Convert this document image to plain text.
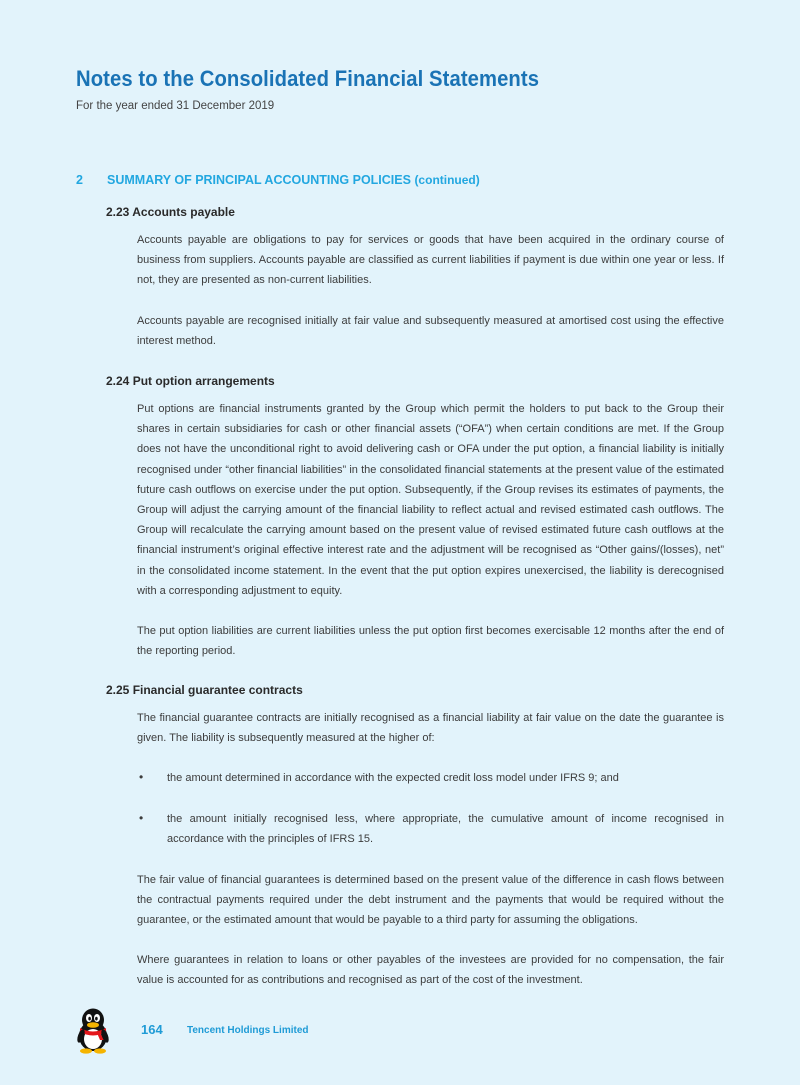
Notes to the Consolidated Financial Statements
For the year ended 31 December 2019
2 SUMMARY OF PRINCIPAL ACCOUNTING POLICIES (continued)
2.23 Accounts payable

Accounts payable are obligations to pay for services or goods that have been acquired in the ordinary course of business from suppliers. Accounts payable are classified as current liabilities if payment is due within one year or less. If not, they are presented as non-current liabilities.

Accounts payable are recognised initially at fair value and subsequently measured at amortised cost using the effective interest method.

2.24 Put option arrangements

Put options are financial instruments granted by the Group which permit the holders to put back to the Group their shares in certain subsidiaries for cash or other financial assets (“OFA”) when certain conditions are met. If the Group does not have the unconditional right to avoid delivering cash or OFA under the put option, a financial liability is initially recognised under “other financial liabilities” in the consolidated financial statements at the present value of the estimated future cash outflows on exercise under the put option. Subsequently, if the Group revises its estimates of payments, the Group will adjust the carrying amount of the financial liability to reflect actual and revised estimated cash outflows. The Group will recalculate the carrying amount based on the present value of revised estimated future cash outflows at the financial instrument’s original effective interest rate and the adjustment will be recognised as “Other gains/(losses), net” in the consolidated income statement. In the event that the put option expires unexercised, the liability is derecognised with a corresponding adjustment to equity.

The put option liabilities are current liabilities unless the put option first becomes exercisable 12 months after the end of the reporting period.

2.25 Financial guarantee contracts

The financial guarantee contracts are initially recognised as a financial liability at fair value on the date the guarantee is given. The liability is subsequently measured at the higher of:

• the amount determined in accordance with the expected credit loss model under IFRS 9; and

• the amount initially recognised less, where appropriate, the cumulative amount of income recognised in accordance with the principles of IFRS 15.

The fair value of financial guarantees is determined based on the present value of the difference in cash flows between the contractual payments required under the debt instrument and the payments that would be required without the guarantee, or the estimated amount that would be payable to a third party for assuming the obligations.

Where guarantees in relation to loans or other payables of the investees are provided for no compensation, the fair value is accounted for as contributions and recognised as part of the cost of the investment.

164 Tencent Holdings Limited
